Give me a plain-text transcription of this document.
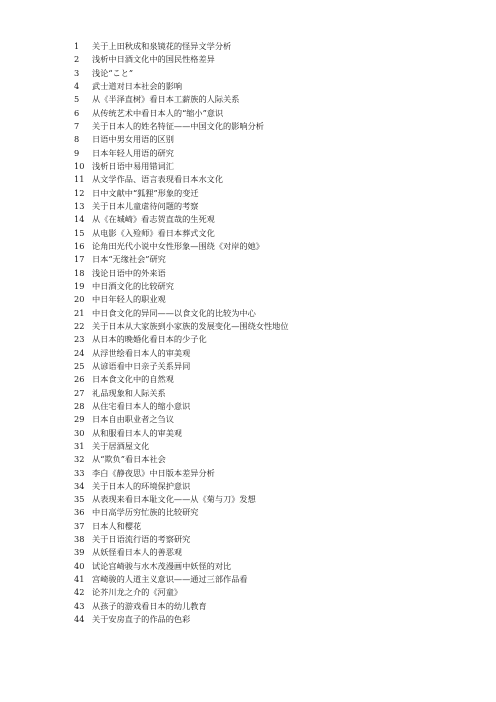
1	关于上田秋成和泉镜花的怪异文学分析
2	浅析中日酒文化中的国民性格差异
3	浅论“こと”
4	武士道对日本社会的影响
5	从《半泽直树》看日本工薪族的人际关系
6	从传统艺术中看日本人的“缩小”意识
7	关于日本人的姓名特征——中国文化的影响分析
8	日语中男女用语的区别
9	日本年轻人用语的研究
10 浅析日语中易用错词汇
11 从文学作品、语言表现看日本水文化
12 日中文献中“狐狸”形象的变迁
13 关于日本儿童虐待问题的考察
14 从《在城崎》看志贺直哉的生死观
15 从电影《入殓师》看日本葬式文化
16 论角田光代小说中女性形象—围绕《对岸的她》
17 日本“无缘社会”研究
18 浅论日语中的外来语
19 中日酒文化的比较研究
20 中日年轻人的职业观
21 中日食文化的异同——以食文化的比较为中心
22 关于日本从大家族到小家族的发展变化—围绕女性地位
23 从日本的晚婚化看日本的少子化
24 从浮世绘看日本人的审美观
25 从谚语看中日亲子关系异同
26 日本食文化中的自然观
27 礼品现象和人际关系
28 从住宅看日本人的缩小意识
29 日本自由职业者之刍议
30 从和服看日本人的审美观
31 关于居酒屋文化
32 从“欺负”看日本社会
33 李白《静夜思》中日版本差异分析
34 关于日本人的环境保护意识
35 从表现来看日本耻文化——从《菊与刀》发想
36 中日高学历穷忙族的比较研究
37 日本人和樱花
38 关于日语流行语的考察研究
39 从妖怪看日本人的善恶观
40 试论宫崎骏与水木茂漫画中妖怪的对比
41 宫崎骏的人道主义意识——通过三部作品看
42 论芥川龙之介的《河童》
43 从孩子的游戏看日本的幼儿教育
44 关于安房直子的作品的色彩
